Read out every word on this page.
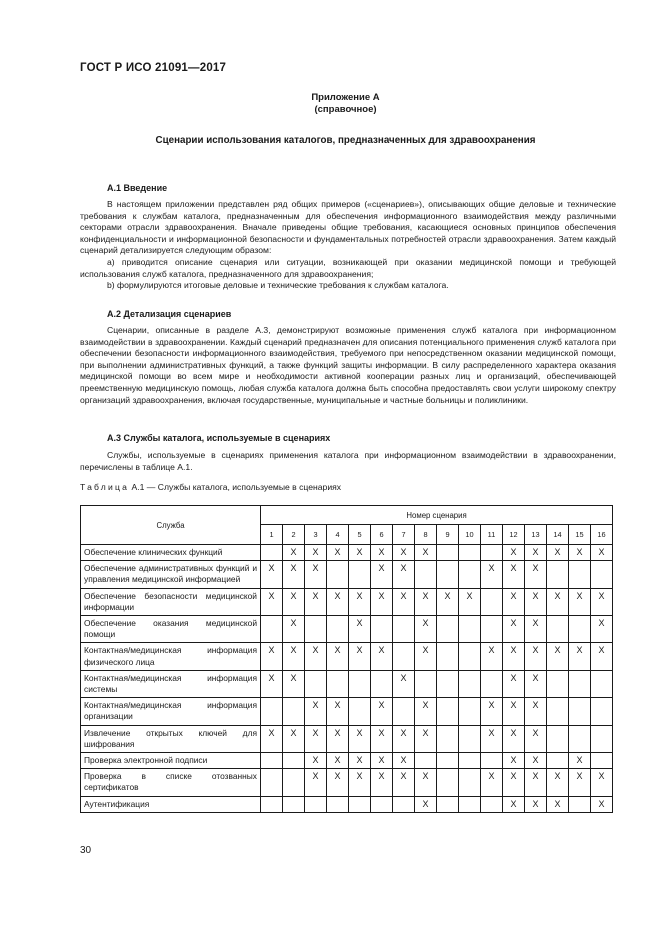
ГОСТ Р ИСО 21091—2017
Приложение А
(справочное)
Сценарии использования каталогов, предназначенных для здравоохранения
А.1 Введение

В настоящем приложении представлен ряд общих примеров («сценариев»), описывающих общие деловые и технические требования к службам каталога, предназначенным для обеспечения информационного взаимодействия между различными секторами отрасли здравоохранения. Вначале приведены общие требования, касающиеся основных принципов обеспечения конфиденциальности и информационной безопасности и фундаментальных потребностей отрасли здравоохранения. Затем каждый сценарий детализируется следующим образом:

а) приводится описание сценария или ситуации, возникающей при оказании медицинской помощи и требующей использования служб каталога, предназначенного для здравоохранения;

b) формулируются итоговые деловые и технические требования к службам каталога.

А.2 Детализация сценариев

Сценарии, описанные в разделе А.3, демонстрируют возможные применения служб каталога при информационном взаимодействии в здравоохранении. Каждый сценарий предназначен для описания потенциального применения служб каталога при обеспечении безопасности информационного взаимодействия, требуемого при непосредственном оказании медицинской помощи, при выполнении административных функций, а также функций защиты информации. В силу распределенного характера оказания медицинской помощи во всем мире и необходимости активной кооперации разных лиц и организаций, обеспечивающей преемственную медицинскую помощь, любая служба каталога должна быть способна предоставлять свои услуги широкому спектру организаций здравоохранения, включая государственные, муниципальные и частные больницы и поликлиники.

А.3 Службы каталога, используемые в сценариях

Службы, используемые в сценариях применения каталога при информационном взаимодействии в здравоохранении, перечислены в таблице А.1.

Таблица А.1 — Службы каталога, используемые в сценариях
Служба	Номер сценария															
	1	2	3	4	5	6	7	8	9	10	11	12	13	14	15	16
Обеспечение клинических функций		X	X	X	X	X	X	X				X	X	X	X	X
Обеспечение административных функций и управления медицинской информацией	X	X	X			X	X				X	X	X			
Обеспечение безопасности медицинской информации	X	X	X	X	X	X	X	X	X	X		X	X	X	X	X
Обеспечение оказания медицинской помощи		X			X			X				X	X			X
Контактная/медицинская информация физического лица	X	X	X	X	X	X		X			X	X	X	X	X	X
Контактная/медицинская информация системы	X	X					X					X	X			
Контактная/медицинская информация организации			X	X		X		X			X	X	X			
Извлечение открытых ключей для шифрования	X	X	X	X	X	X	X	X			X	X	X			
Проверка электронной подписи			X	X	X	X	X					X	X		X	
Проверка в списке отозванных сертификатов			X	X	X	X	X	X			X	X	X	X	X	X
Аутентификация								X				X	X	X		X
30
